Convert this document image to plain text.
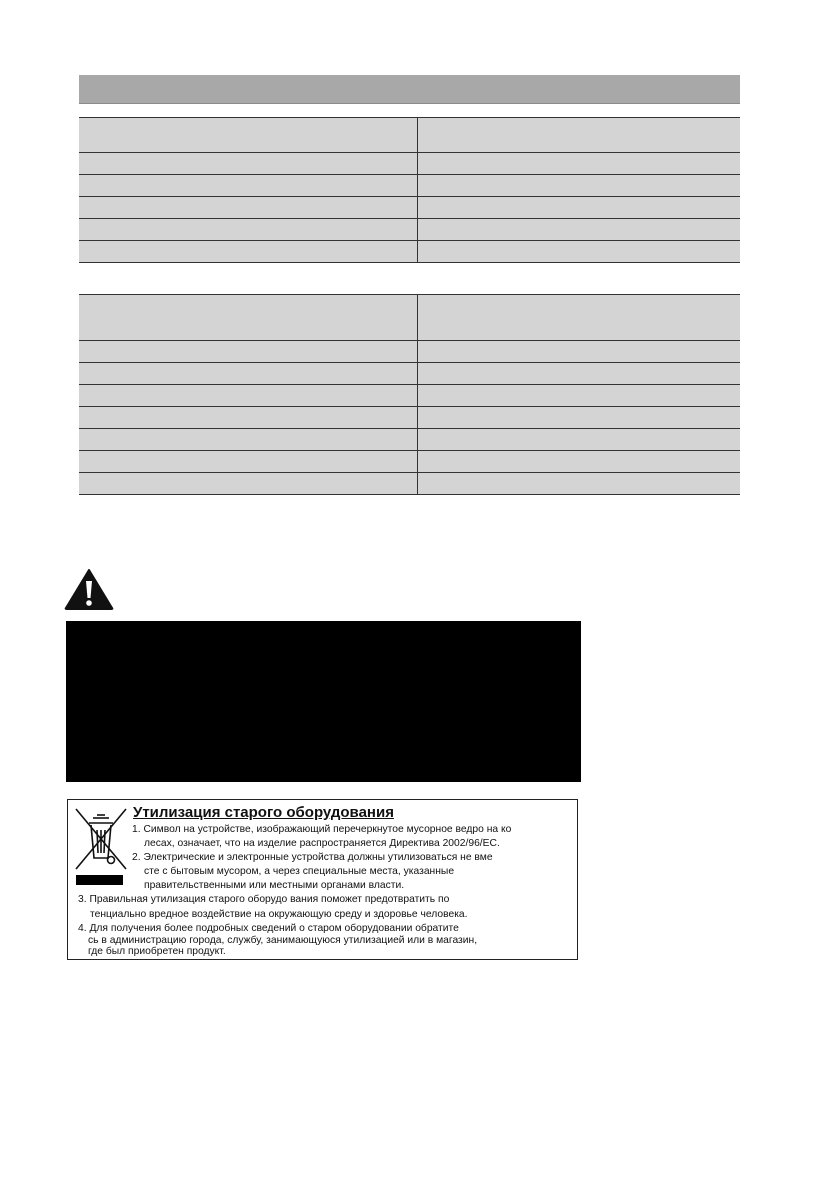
Утилизация старого оборудования
1. Символ на устройстве, изображающий перечеркнутое мусорное ведро на ко
лесах, означает, что на изделие распространяется Директива 2002/96/ЕС.
2. Электрические и электронные устройства должны утилизоваться не вме
сте с бытовым мусором, а через специальные места, указанные
правительственными или местными органами власти.
3. Правильная утилизация старого оборудо вания поможет предотвратить по
тенциально вредное воздействие на окружающую среду и здоровье человека.
4. Для получения более подробных сведений о старом оборудовании обратите
сь в администрацию города, службу, занимающуюся утилизацией или в магазин,
где был приобретен продукт.
